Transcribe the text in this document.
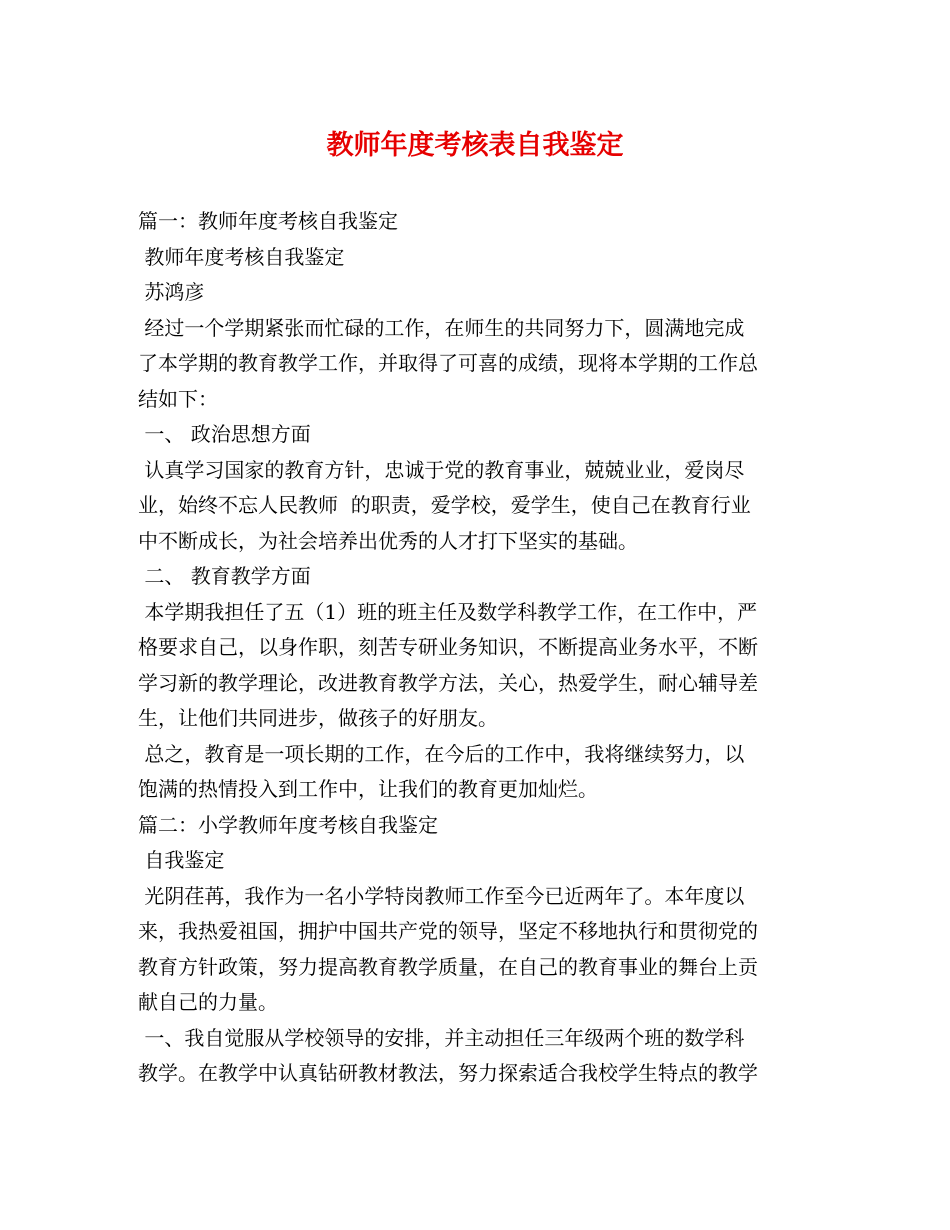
教师年度考核表自我鉴定

篇一：教师年度考核自我鉴定

教师年度考核自我鉴定

苏鸿彦

经过一个学期紧张而忙碌的工作，在师生的共同努力下，圆满地完成

了本学期的教育教学工作，并取得了可喜的成绩，现将本学期的工作总

结如下：

一、 政治思想方面

认真学习国家的教育方针，忠诚于党的教育事业，兢兢业业，爱岗尽

业，始终不忘人民教师  的职责，爱学校，爱学生，使自己在教育行业

中不断成长，为社会培养出优秀的人才打下坚实的基础。

二、 教育教学方面

本学期我担任了五（1）班的班主任及数学科教学工作，在工作中，严

格要求自己，以身作职，刻苦专研业务知识，不断提高业务水平，不断

学习新的教学理论，改进教育教学方法，关心，热爱学生，耐心辅导差

生，让他们共同进步，做孩子的好朋友。

总之，教育是一项长期的工作，在今后的工作中，我将继续努力，以

饱满的热情投入到工作中，让我们的教育更加灿烂。

篇二：小学教师年度考核自我鉴定

自我鉴定

光阴荏苒，我作为一名小学特岗教师工作至今已近两年了。本年度以

来，我热爱祖国，拥护中国共产党的领导，坚定不移地执行和贯彻党的

教育方针政策，努力提高教育教学质量，在自己的教育事业的舞台上贡

献自己的力量。

一、我自觉服从学校领导的安排，并主动担任三年级两个班的数学科

教学。在教学中认真钻研教材教法，努力探索适合我校学生特点的教学
